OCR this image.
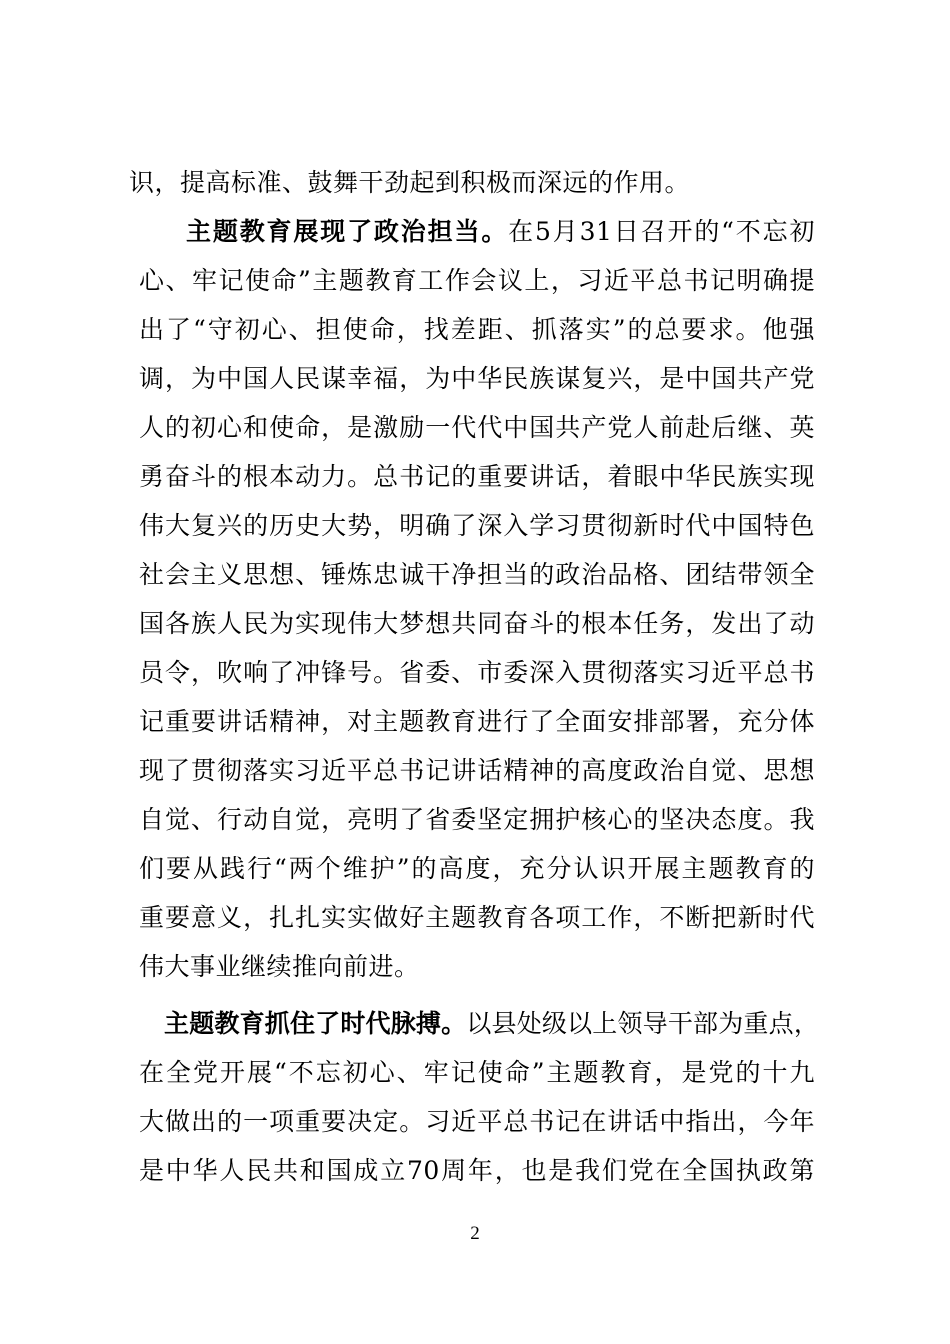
识，提高标准、鼓舞干劲起到积极而深远的作用。
主题教育展现了政治担当。在5月31日召开的“不忘初
心、牢记使命”主题教育工作会议上，习近平总书记明确提
出了“守初心、担使命，找差距、抓落实”的总要求。他强
调，为中国人民谋幸福，为中华民族谋复兴，是中国共产党
人的初心和使命，是激励一代代中国共产党人前赴后继、英
勇奋斗的根本动力。总书记的重要讲话，着眼中华民族实现
伟大复兴的历史大势，明确了深入学习贯彻新时代中国特色
社会主义思想、锤炼忠诚干净担当的政治品格、团结带领全
国各族人民为实现伟大梦想共同奋斗的根本任务，发出了动
员令，吹响了冲锋号。省委、市委深入贯彻落实习近平总书
记重要讲话精神，对主题教育进行了全面安排部署，充分体
现了贯彻落实习近平总书记讲话精神的高度政治自觉、思想
自觉、行动自觉，亮明了省委坚定拥护核心的坚决态度。我
们要从践行“两个维护”的高度，充分认识开展主题教育的
重要意义，扎扎实实做好主题教育各项工作，不断把新时代
伟大事业继续推向前进。
主题教育抓住了时代脉搏。以县处级以上领导干部为重点，
在全党开展“不忘初心、牢记使命”主题教育，是党的十九
大做出的一项重要决定。习近平总书记在讲话中指出，今年
是中华人民共和国成立70周年，也是我们党在全国执政第
2
